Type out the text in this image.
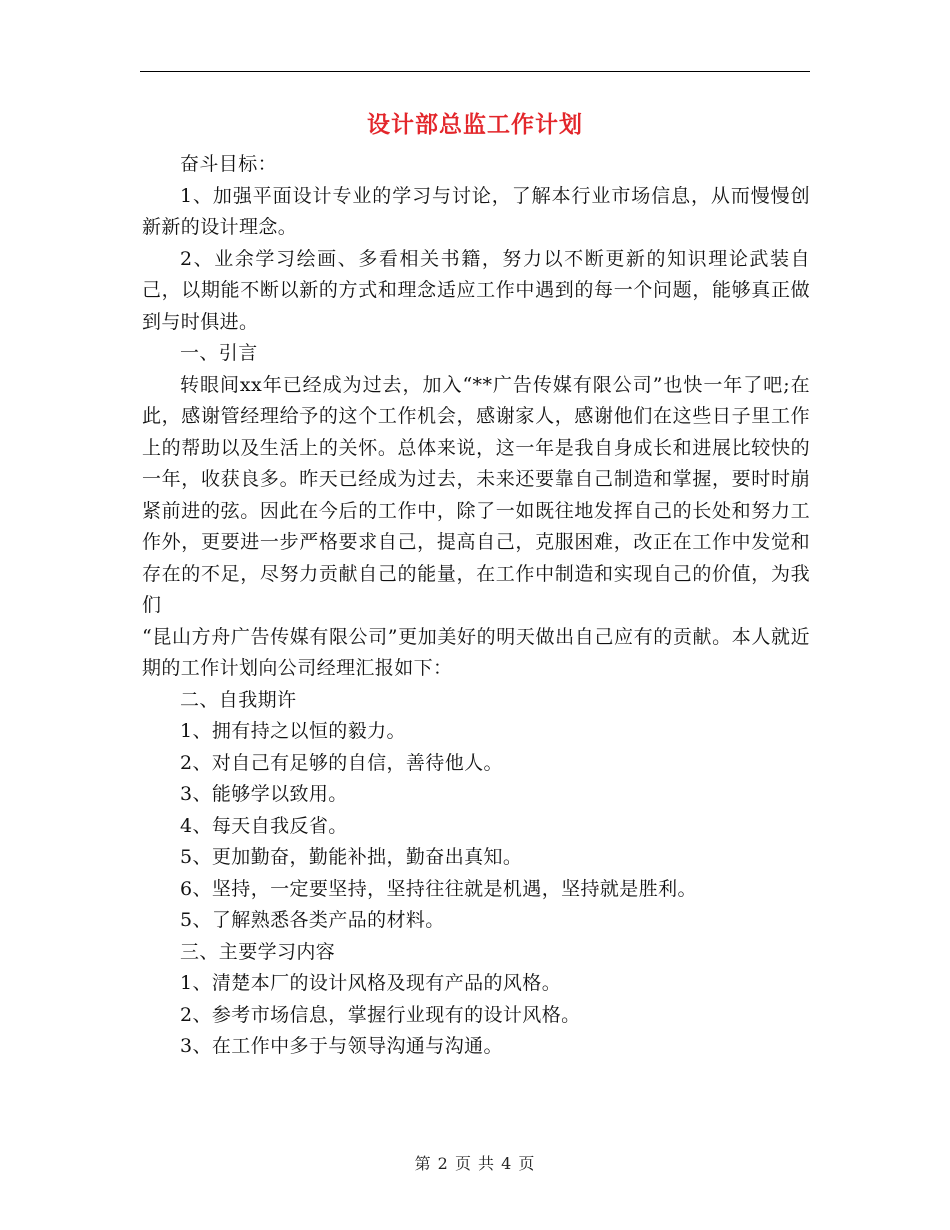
设计部总监工作计划

奋斗目标：

1、加强平面设计专业的学习与讨论，了解本行业市场信息，从而慢慢创新新的设计理念。

2、业余学习绘画、多看相关书籍，努力以不断更新的知识理论武装自己，以期能不断以新的方式和理念适应工作中遇到的每一个问题，能够真正做到与时俱进。

一、引言

转眼间xx年已经成为过去，加入“**广告传媒有限公司”也快一年了吧;在此，感谢管经理给予的这个工作机会，感谢家人，感谢他们在这些日子里工作上的帮助以及生活上的关怀。总体来说，这一年是我自身成长和进展比较快的一年，收获良多。昨天已经成为过去，未来还要靠自己制造和掌握，要时时崩紧前进的弦。因此在今后的工作中，除了一如既往地发挥自己的长处和努力工作外，更要进一步严格要求自己，提高自己，克服困难，改正在工作中发觉和存在的不足，尽努力贡献自己的能量，在工作中制造和实现自己的价值，为我们

“昆山方舟广告传媒有限公司”更加美好的明天做出自己应有的贡献。本人就近期的工作计划向公司经理汇报如下：

二、自我期许

1、拥有持之以恒的毅力。

2、对自己有足够的自信，善待他人。

3、能够学以致用。

4、每天自我反省。

5、更加勤奋，勤能补拙，勤奋出真知。

6、坚持，一定要坚持，坚持往往就是机遇，坚持就是胜利。

5、了解熟悉各类产品的材料。

三、主要学习内容

1、清楚本厂的设计风格及现有产品的风格。

2、参考市场信息，掌握行业现有的设计风格。

3、在工作中多于与领导沟通与沟通。

第 2 页 共 4 页
